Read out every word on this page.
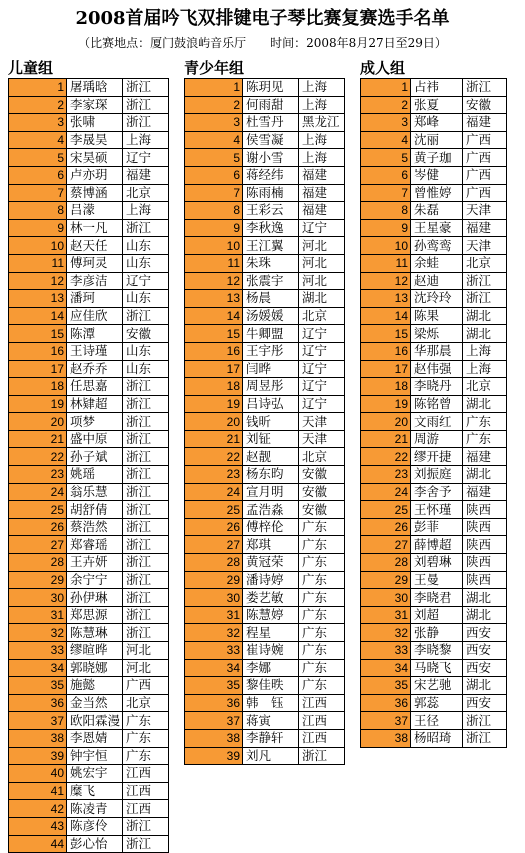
2008首届吟飞双排键电子琴比赛复赛选手名单
（比赛地点：厦门鼓浪屿音乐厅　　时间：2008年8月27日至29日）
儿童组
1	屠瑀晗	浙江
2	李家琛	浙江
3	张啸	浙江
4	李晟昊	上海
5	宋昊硕	辽宁
6	卢亦玥	福建
7	蔡博涵	北京
8	吕濛	上海
9	林一凡	浙江
10	赵天任	山东
11	傅珂灵	山东
12	李彦洁	辽宁
13	潘珂	山东
14	应佳欣	浙江
15	陈潭	安徽
16	王诗瑾	山东
17	赵乔乔	山东
18	任思嘉	浙江
19	林肄超	浙江
20	项梦	浙江
21	盛中原	浙江
22	孙子斌	浙江
23	姚瑶	浙江
24	翁乐慧	浙江
25	胡舒倩	浙江
26	蔡浩然	浙江
27	郑睿瑶	浙江
28	王卉妍	浙江
29	余宁宁	浙江
30	孙伊琳	浙江
31	郑思源	浙江
32	陈慧琳	浙江
33	缪暄晔	河北
34	郭晓娜	河北
35	施懿	广西
36	金当然	北京
37	欧阳霖漫	广东
38	李恩婧	广东
39	钟宇恒	广东
40	姚宏宇	江西
41	糜飞	江西
42	陈凌青	江西
43	陈彦伶	浙江
44	彭心怡	浙江
青少年组
1	陈玥见	上海
2	何雨甜	上海
3	杜雪丹	黑龙江
4	侯雪凝	上海
5	谢小雪	上海
6	蒋经纬	福建
7	陈雨楠	福建
8	王彩云	福建
9	李秋逸	辽宁
10	王江翼	河北
11	朱珠	河北
12	张震宇	河北
13	杨晨	湖北
14	汤媛媛	北京
15	牛卿盟	辽宁
16	王宇彤	辽宁
17	闫晔	辽宁
18	周昱彤	辽宁
19	吕诗弘	辽宁
20	钱昕	天津
21	刘钲	天津
22	赵靓	北京
23	杨东昀	安徽
24	宣月明	安徽
25	孟浩淼	安徽
26	傅梓伦	广东
27	郑琪	广东
28	黄冠荣	广东
29	潘诗婷	广东
30	娄艺敏	广东
31	陈慧婷	广东
32	程星	广东
33	崔诗婉	广东
34	李娜	广东
35	黎佳昳	广东
36	韩　钰	江西
37	蒋寅	江西
38	李静轩	江西
39	刘凡	浙江
成人组
1	占祎	浙江
2	张夏	安徽
3	郑峰	福建
4	沈丽	广西
5	黄子珈	广西
6	岑健	广西
7	曾惟婷	广西
8	朱磊	天津
9	王星豪	福建
10	孙鸾鸾	天津
11	余蛙	北京
12	赵迪	浙江
13	沈玲玲	浙江
14	陈果	湖北
15	梁烁	湖北
16	华那晨	上海
17	赵伟强	上海
18	李晓丹	北京
19	陈铭曾	湖北
20	文雨红	广东
21	周游	广东
22	缪开捷	福建
23	刘振庭	湖北
24	李舍予	福建
25	王怀瑾	陕西
26	彭菲	陕西
27	薛博超	陕西
28	刘碧琳	陕西
29	王曼	陕西
30	李晓君	湖北
31	刘超	湖北
32	张静	西安
33	李晓黎	西安
34	马晓飞	西安
35	宋艺驰	湖北
36	郭蕊	西安
37	王径	浙江
38	杨昭琦	浙江
